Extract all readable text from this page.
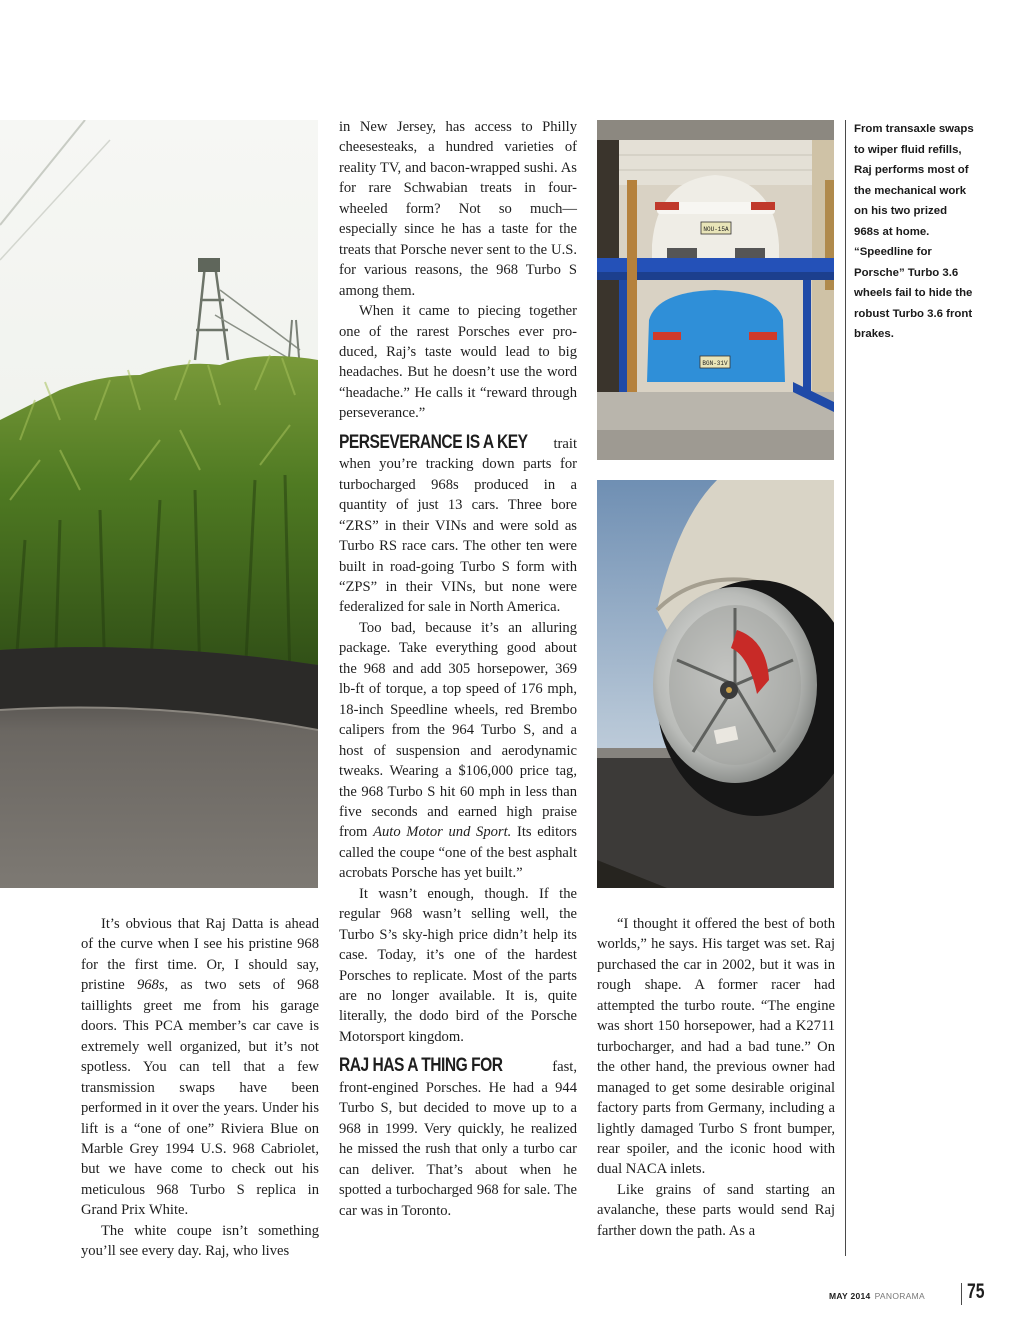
NOU-15A
BGN-31V

It’s obvious that Raj Datta is ahead of the curve when I see his pristine 968 for the first time. Or, I should say, pristine 968s, as two sets of 968 taillights greet me from his garage doors. This PCA member’s car cave is extremely well organized, but it’s not spotless. You can tell that a few transmission swaps have been performed in it over the years. Under his lift is a “one of one” Riviera Blue on Marble Grey 1994 U.S. 968 Cabriolet, but we have come to check out his meticulous 968 Turbo S replica in Grand Prix White.

The white coupe isn’t something you’ll see every day. Raj, who lives

in New Jersey, has access to Philly cheesesteaks, a hundred varieties of reality TV, and bacon-wrapped sushi. As for rare Schwabian treats in four-wheeled form? Not so much—especially since he has a taste for the treats that Porsche never sent to the U.S. for various reasons, the 968 Turbo S among them.

When it came to piecing together one of the rarest Porsches ever produced, Raj’s taste would lead to big headaches. But he doesn’t use the word “headache.” He calls it “reward through perseverance.”

PERSEVERANCE IS A KEY trait when you’re tracking down parts for turbocharged 968s produced in a quantity of just 13 cars. Three bore “ZRS” in their VINs and were sold as Turbo RS race cars. The other ten were built in road-going Turbo S form with “ZPS” in their VINs, but none were federalized for sale in North America.

Too bad, because it’s an alluring package. Take everything good about the 968 and add 305 horsepower, 369 lb-ft of torque, a top speed of 176 mph, 18-inch Speedline wheels, red Brembo calipers from the 964 Turbo S, and a host of suspension and aerodynamic tweaks. Wearing a $106,000 price tag, the 968 Turbo S hit 60 mph in less than five seconds and earned high praise from Auto Motor und Sport. Its editors called the coupe “one of the best asphalt acrobats Porsche has yet built.”

It wasn’t enough, though. If the regular 968 wasn’t selling well, the Turbo S’s sky-high price didn’t help its case. Today, it’s one of the hardest Porsches to replicate. Most of the parts are no longer available. It is, quite literally, the dodo bird of the Porsche Motorsport kingdom.

RAJ HAS A THING FOR fast, front-engined Porsches. He had a 944 Turbo S, but decided to move up to a 968 in 1999. Very quickly, he realized he missed the rush that only a turbo car can deliver. That’s about when he spotted a turbocharged 968 for sale. The car was in Toronto.

“I thought it offered the best of both worlds,” he says. His target was set. Raj purchased the car in 2002, but it was in rough shape. A former racer had attempted the turbo route. “The engine was short 150 horsepower, had a K2711 turbocharger, and had a bad tune.” On the other hand, the previous owner had managed to get some desirable original factory parts from Germany, including a lightly damaged Turbo S front bumper, rear spoiler, and the iconic hood with dual NACA inlets.

Like grains of sand starting an avalanche, these parts would send Raj farther down the path. As a

From transaxle swaps to wiper fluid refills, Raj performs most of the mechanical work on his two prized 968s at home. “Speedline for Porsche” Turbo 3.6 wheels fail to hide the robust Turbo 3.6 front brakes.
MAY 2014 PANORAMA 75
